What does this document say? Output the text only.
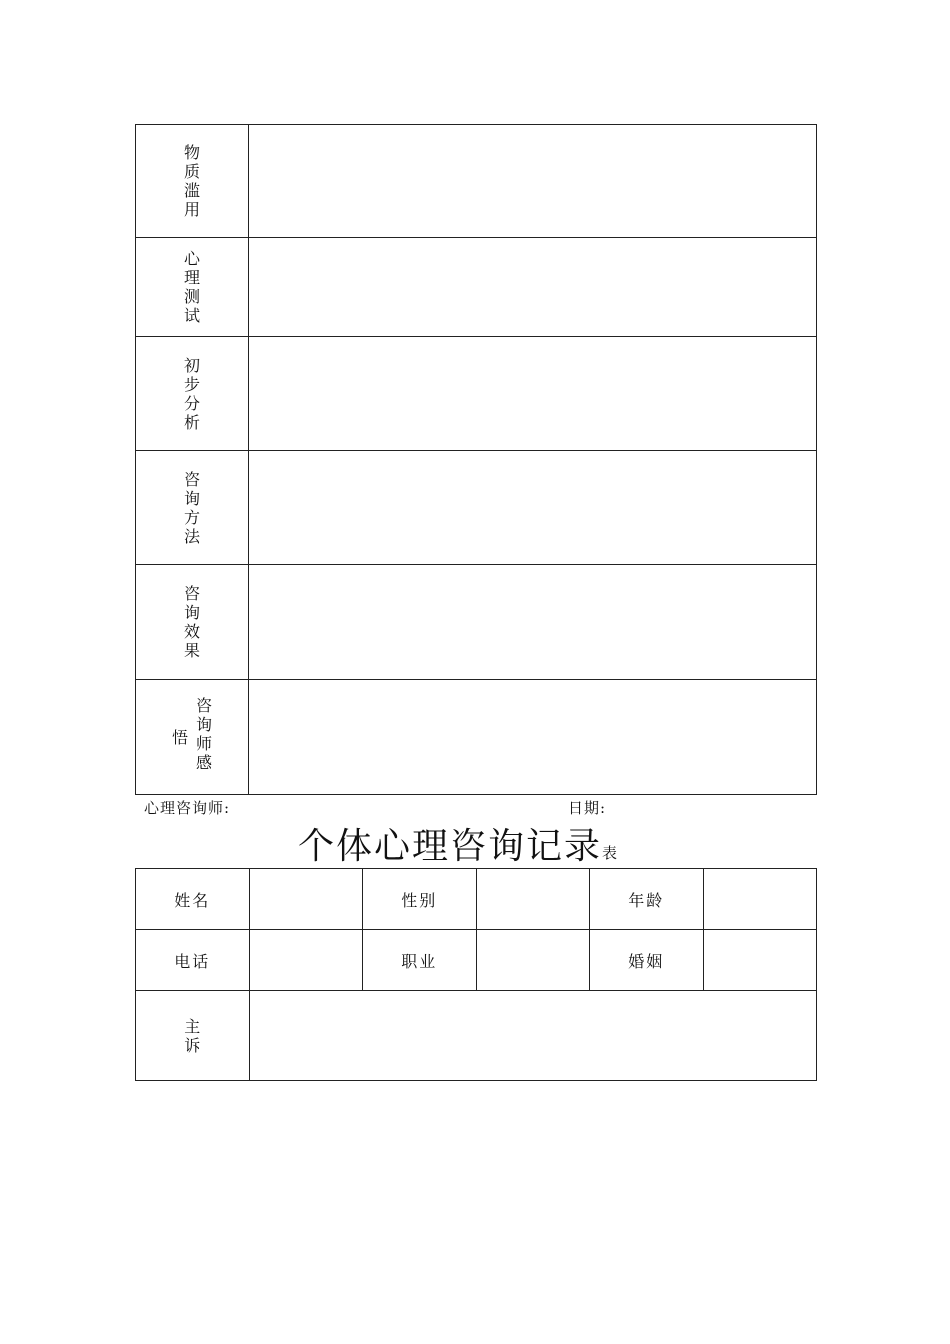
物
质
滥
用	

心
理
测
试	

初
步
分
析	

咨
询
方
法	

咨
询
效
果	

咨
询
师
感
悟	

心理咨询师:	日期:
个体心理咨询记录表
姓名		性别		年龄	
电话		职业		婚姻	

主
诉					
